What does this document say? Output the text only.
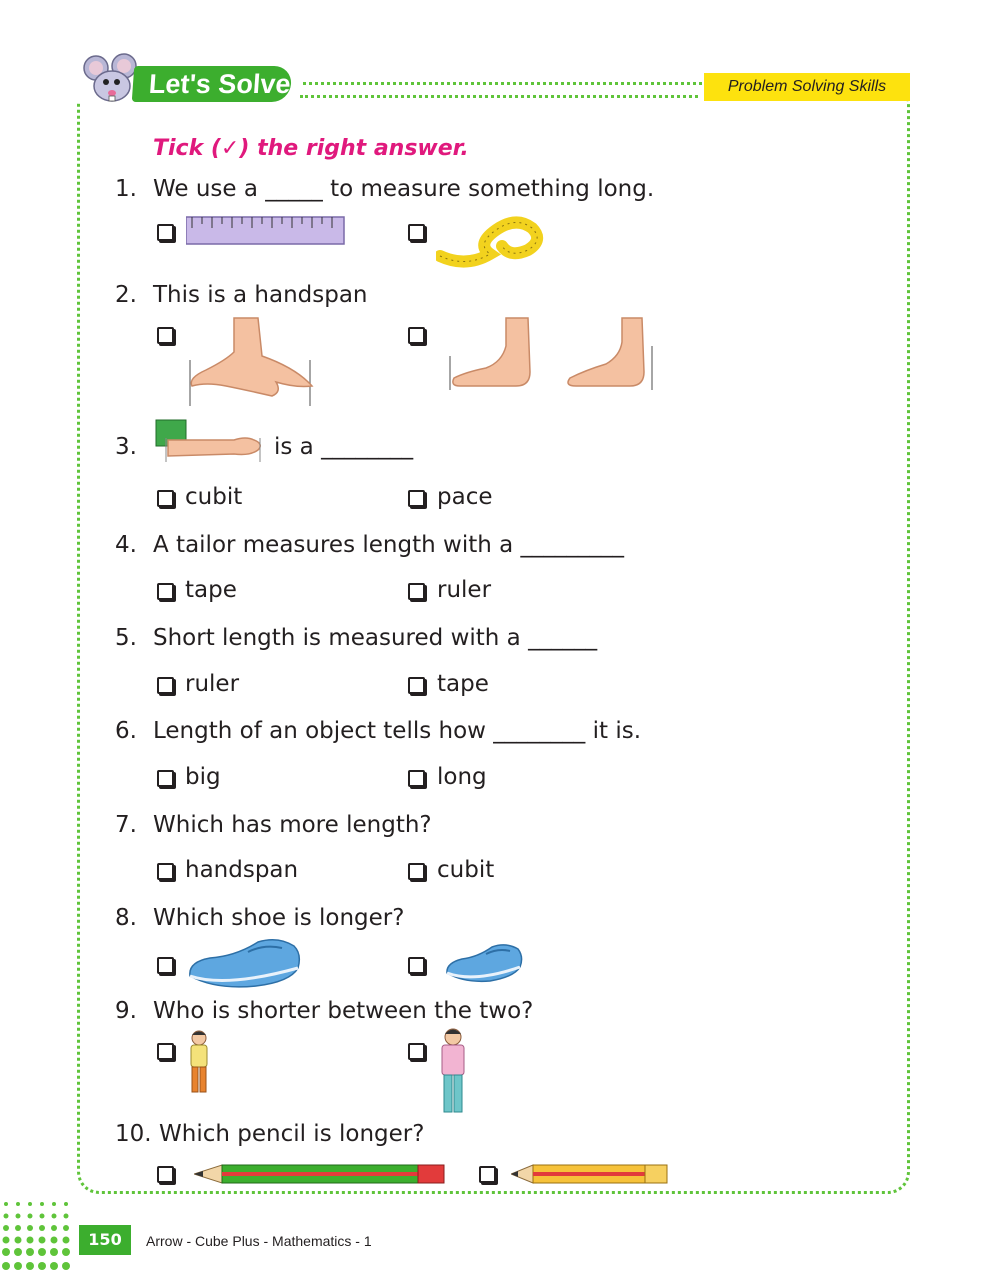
Let's Solve	Problem Solving Skills
Tick (✓) the right answer.
1. We use a _____ to measure something long.
2. This is a handspan
3.	is a ________
cubit	pace
4. A tailor measures length with a _________
tape	ruler
5. Short length is measured with a ______
ruler	tape
6. Length of an object tells how ________ it is.
big	long
7. Which has more length?
handspan	cubit
8. Which shoe is longer?
9. Who is shorter between the two?
10. Which pencil is longer?
150	Arrow - Cube Plus - Mathematics - 1
